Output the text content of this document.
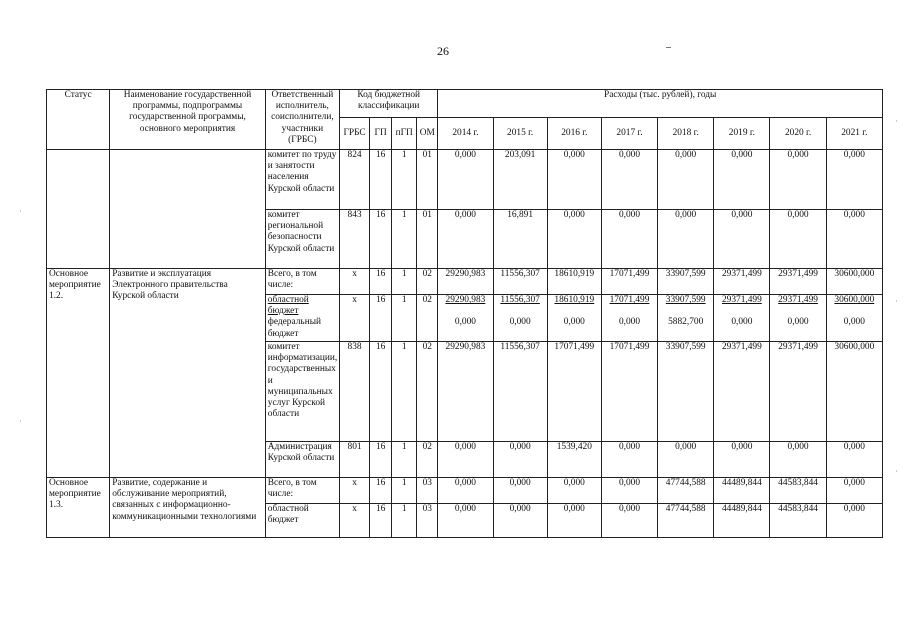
26
Статус	Наименование государственной программы, подпрограммы государственной программы, основного мероприятия	Ответственный исполнитель, соисполнители, участники (ГРБС)	Код бюджетной классификации				Расходы (тыс. рублей), годы							
			ГРБС	ГП	пГП	ОМ	2014 г.	2015 г.	2016 г.	2017 г.	2018 г.	2019 г.	2020 г.	2021 г.
		комитет по труду и занятости населения Курской области	824	16	1	01	0,000	203,091	0,000	0,000	0,000	0,000	0,000	0,000
		комитет региональной безопасности Курской области	843	16	1	01	0,000	16,891	0,000	0,000	0,000	0,000	0,000	0,000
Основное мероприятие 1.2.	Развитие и эксплуатация Электронного правительства Курской области	Всего, в том числе:	х	16	1	02	29290,983	11556,307	18610,919	17071,499	33907,599	29371,499	29371,499	30600,000
		областной бюджет	х	16	1	02	29290,983	11556,307	18610,919	17071,499	33907,599	29371,499	29371,499	30600,000
		федеральный бюджет					0,000	0,000	0,000	0,000	5882,700	0,000	0,000	0,000
		комитет информатизации, государственных и муниципальных услуг Курской области	838	16	1	02	29290,983	11556,307	17071,499	17071,499	33907,599	29371,499	29371,499	30600,000
		Администрация Курской области	801	16	1	02	0,000	0,000	1539,420	0,000	0,000	0,000	0,000	0,000
Основное мероприятие 1.3.	Развитие, содержание и обслуживание мероприятий, связанных с информационно-коммуникационными технологиями	Всего, в том числе:	х	16	1	03	0,000	0,000	0,000	0,000	47744,588	44489,844	44583,844	0,000
		областной бюджет	х	16	1	03	0,000	0,000	0,000	0,000	47744,588	44489,844	44583,844	0,000
